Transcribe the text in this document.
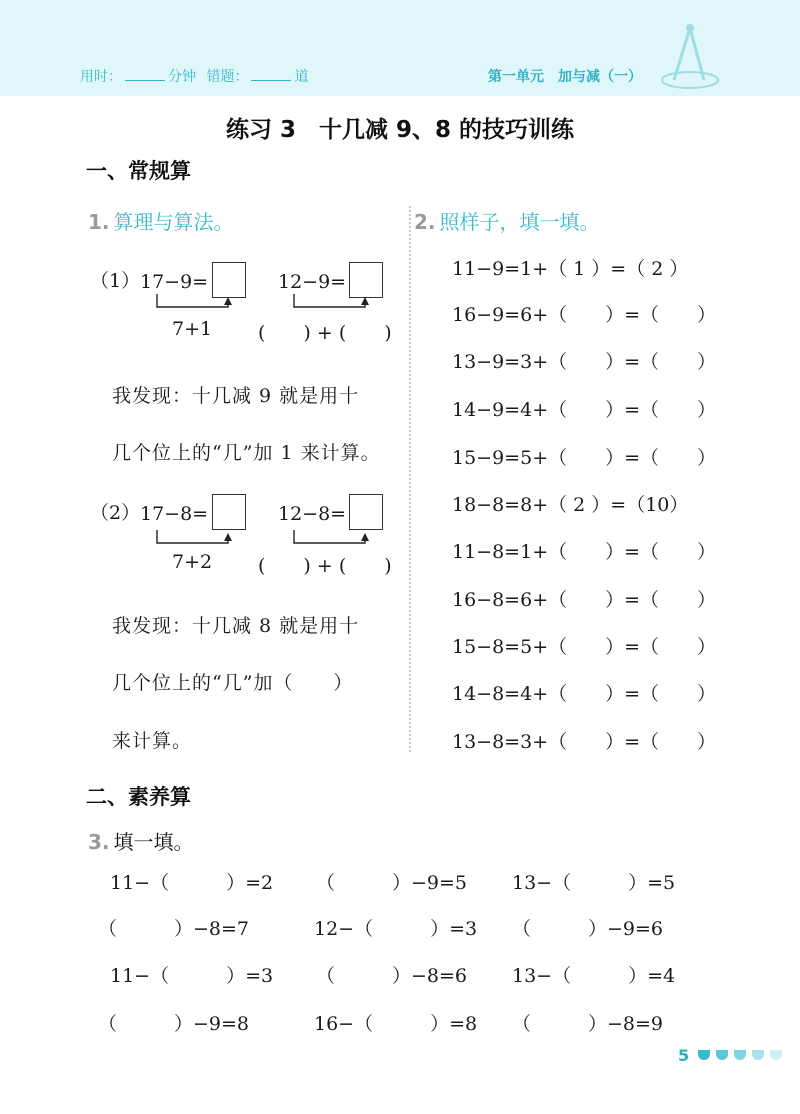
用时：	分钟 错题：	道	第一单元　加与减（一）
练习 3　十几减 9、8 的技巧训练
一、常规算
1. 算理与算法。	2. 照样子，填一填。
（1） 17−9=	12−9=
7+1 (　　) + (　　)
我发现：十几减 9 就是用十
几个位上的“几”加 1 来计算。
（2） 17−8=	12−8=
7+2 (　　) + (　　)
我发现：十几减 8 就是用十
几个位上的“几”加（　　）
来计算。
11−9=1+（ 1 ）=（ 2 ）
16−9=6+（　　）=（　　）
13−9=3+（　　）=（　　）
14−9=4+（　　）=（　　）
15−9=5+（　　）=（　　）
18−8=8+（ 2 ）=（10）
11−8=1+（　　）=（　　）
16−8=6+（　　）=（　　）
15−8=5+（　　）=（　　）
14−8=4+（　　）=（　　）
13−8=3+（　　）=（　　）
二、素养算
3. 填一填。
11−（　　　）=2 （　　　）−9=5 13−（　　　）=5
（　　　）−8=7	12−（　　　）=3 （　　　）−9=6
11−（　　　）=3 （　　　）−8=6 13−（　　　）=4
（　　　）−9=8	16−（　　　）=8 （　　　）−8=9
5
